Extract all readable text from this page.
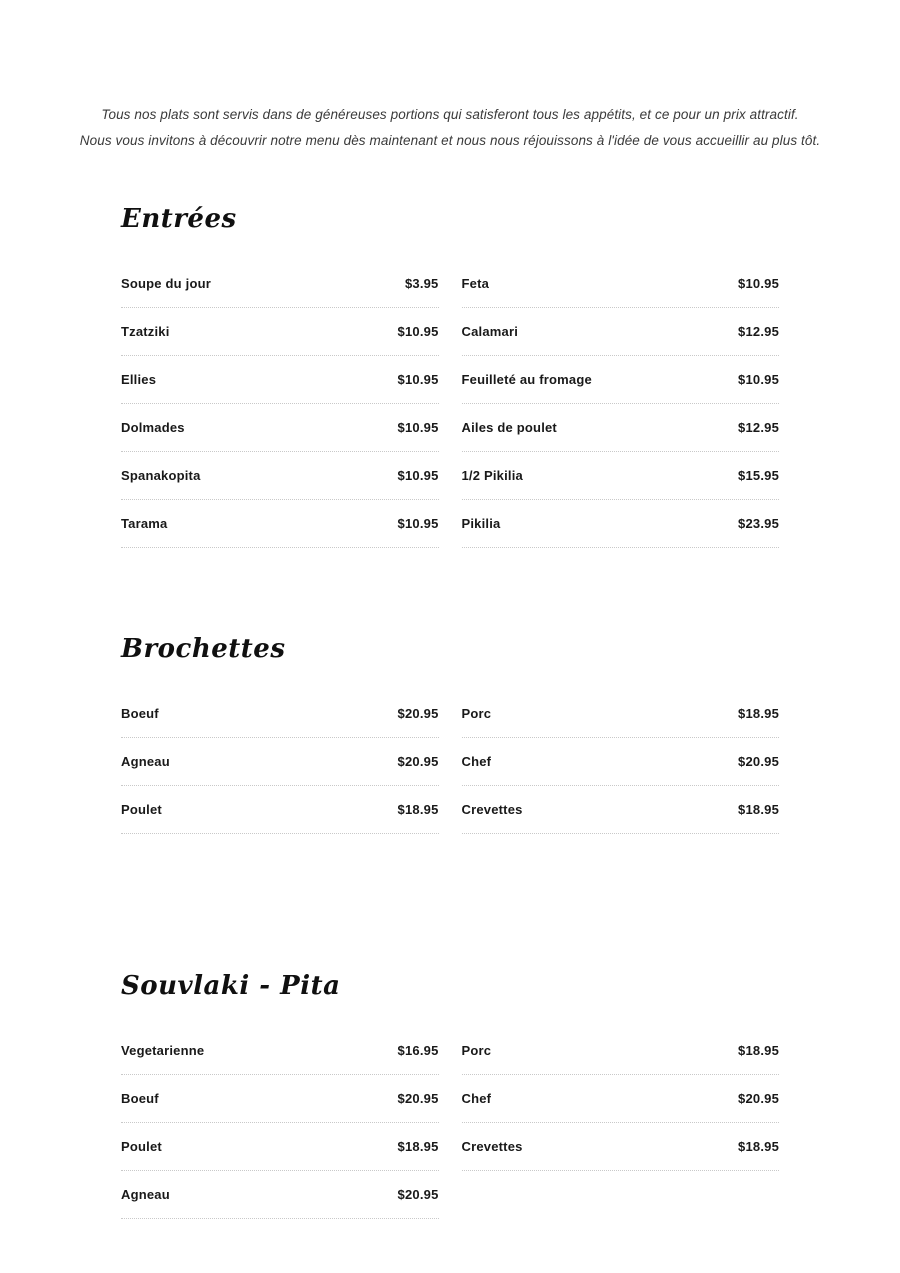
Tous nos plats sont servis dans de généreuses portions qui satisferont tous les appétits, et ce pour un prix attractif.

Nous vous invitons à découvrir notre menu dès maintenant et nous nous réjouissons à l'idée de vous accueillir au plus tôt.

Entrées
Soupe du jour	$3.95
Tzatziki	$10.95
Ellies	$10.95
Dolmades	$10.95
Spanakopita	$10.95
Tarama	$10.95
Feta	$10.95
Calamari	$12.95
Feuilleté au fromage	$10.95
Ailes de poulet	$12.95
1/2 Pikilia	$15.95
Pikilia	$23.95
Brochettes
Boeuf	$20.95
Agneau	$20.95
Poulet	$18.95
Porc	$18.95
Chef	$20.95
Crevettes	$18.95
Souvlaki - Pita
Vegetarienne	$16.95
Boeuf	$20.95
Poulet	$18.95
Agneau	$20.95
Porc	$18.95
Chef	$20.95
Crevettes	$18.95
